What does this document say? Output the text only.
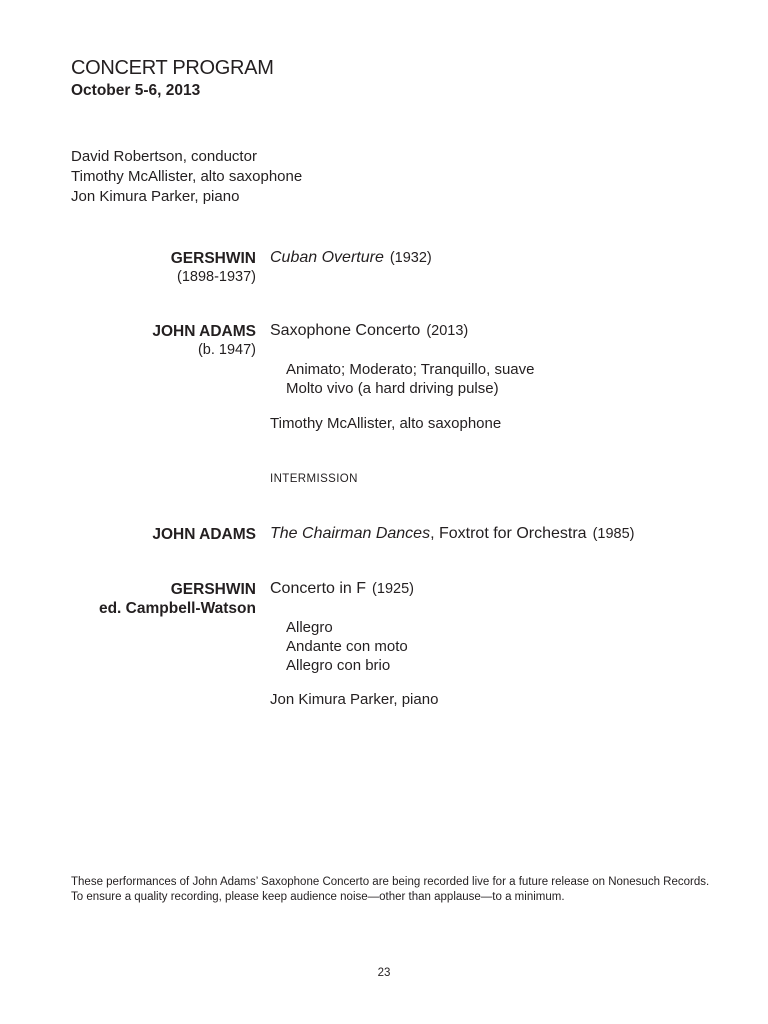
CONCERT PROGRAM
October 5-6, 2013
David Robertson, conductor
Timothy McAllister, alto saxophone
Jon Kimura Parker, piano
GERSHWIN
(1898-1937)
Cuban Overture (1932)
JOHN ADAMS
(b. 1947)
Saxophone Concerto (2013)
Animato; Moderato; Tranquillo, suave
Molto vivo (a hard driving pulse)
Timothy McAllister, alto saxophone
INTERMISSION
JOHN ADAMS The Chairman Dances, Foxtrot for Orchestra (1985)
GERSHWIN
ed. Campbell-Watson
Concerto in F (1925)
Allegro
Andante con moto
Allegro con brio
Jon Kimura Parker, piano
These performances of John Adams’ Saxophone Concerto are being recorded live for a future release on Nonesuch Records. To ensure a quality recording, please keep audience noise—other than applause—to a minimum.
23
